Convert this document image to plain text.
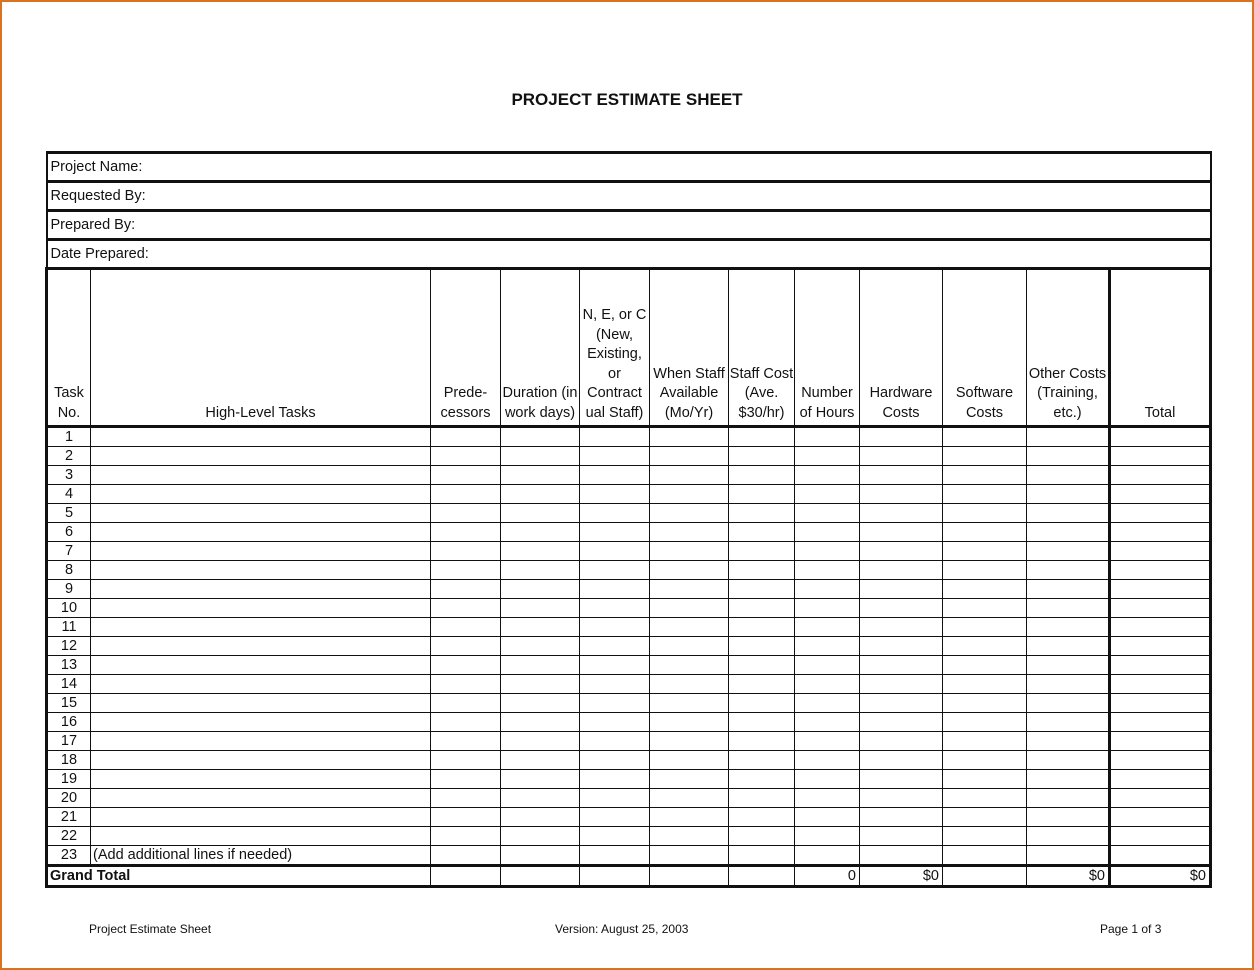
PROJECT ESTIMATE SHEET
Project Name:											
Requested By:											
Prepared By:											
Date Prepared:											
Task No.	High-Level Tasks	Prede- cessors	Duration (in work days)	N, E, or C (New, Existing, or Contract ual Staff)	When Staff Available (Mo/Yr)	Staff Cost (Ave. $30/hr)	Number of Hours	Hardware Costs	Software Costs	Other Costs (Training, etc.)	Total
1											
2											
3											
4											
5											
6											
7											
8											
9											
10											
11											
12											
13											
14											
15											
16											
17											
18											
19											
20											
21											
22											
23	(Add additional lines if needed)										
Grand Total							0	$0		$0	$0
Project Estimate Sheet	Version: August 25, 2003	Page 1 of 3
